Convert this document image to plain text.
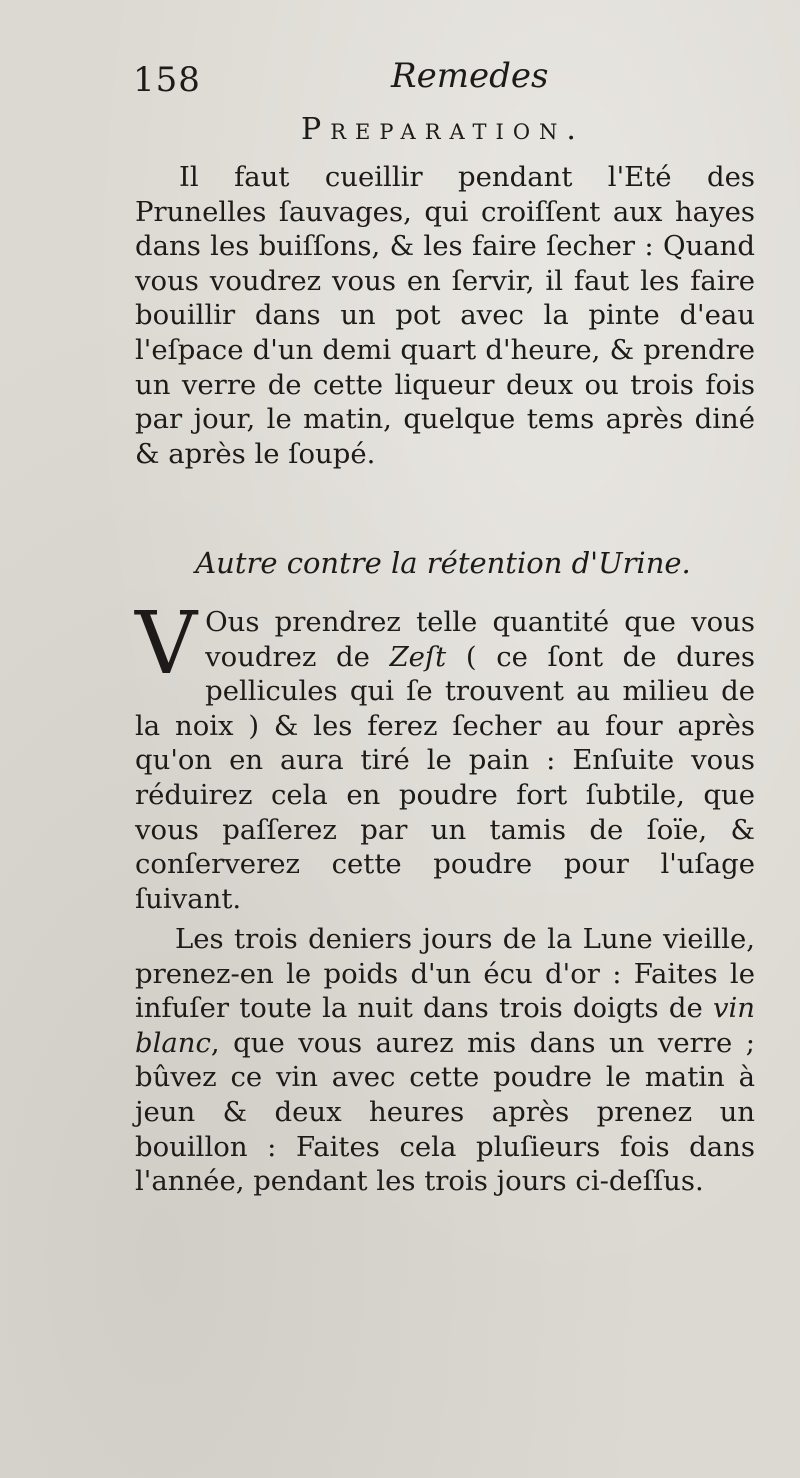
158	Remedes
Preparation.

Il faut cueillir pendant l'Eté des Prunelles ſauvages, qui croiſſent aux hayes dans les buiſſons, & les faire ſecher : Quand vous voudrez vous en ſervir, il faut les faire bouillir dans un pot avec la pinte d'eau l'eſpace d'un demi quart d'heure, & prendre un verre de cette liqueur deux ou trois fois par jour, le matin, quelque tems après diné & après le ſoupé.

Autre contre la rétention d'Urine.

V Ous prendrez telle quantité que vous voudrez de Zeſt ( ce ſont de dures pellicules qui ſe trouvent au milieu de la noix ) & les ferez ſecher au four après qu'on en aura tiré le pain : Enſuite vous réduirez cela en poudre fort ſubtile, que vous paſſerez par un tamis de ſoïe, & conſerverez cette poudre pour l'uſage ſuivant.

Les trois deniers jours de la Lune vieille, prenez-en le poids d'un écu d'or : Faites le infuſer toute la nuit dans trois doigts de vin blanc, que vous aurez mis dans un verre ; bûvez ce vin avec cette poudre le matin à jeun & deux heures après prenez un bouillon : Faites cela pluſieurs fois dans l'année, pendant les trois jours ci-deſſus.
